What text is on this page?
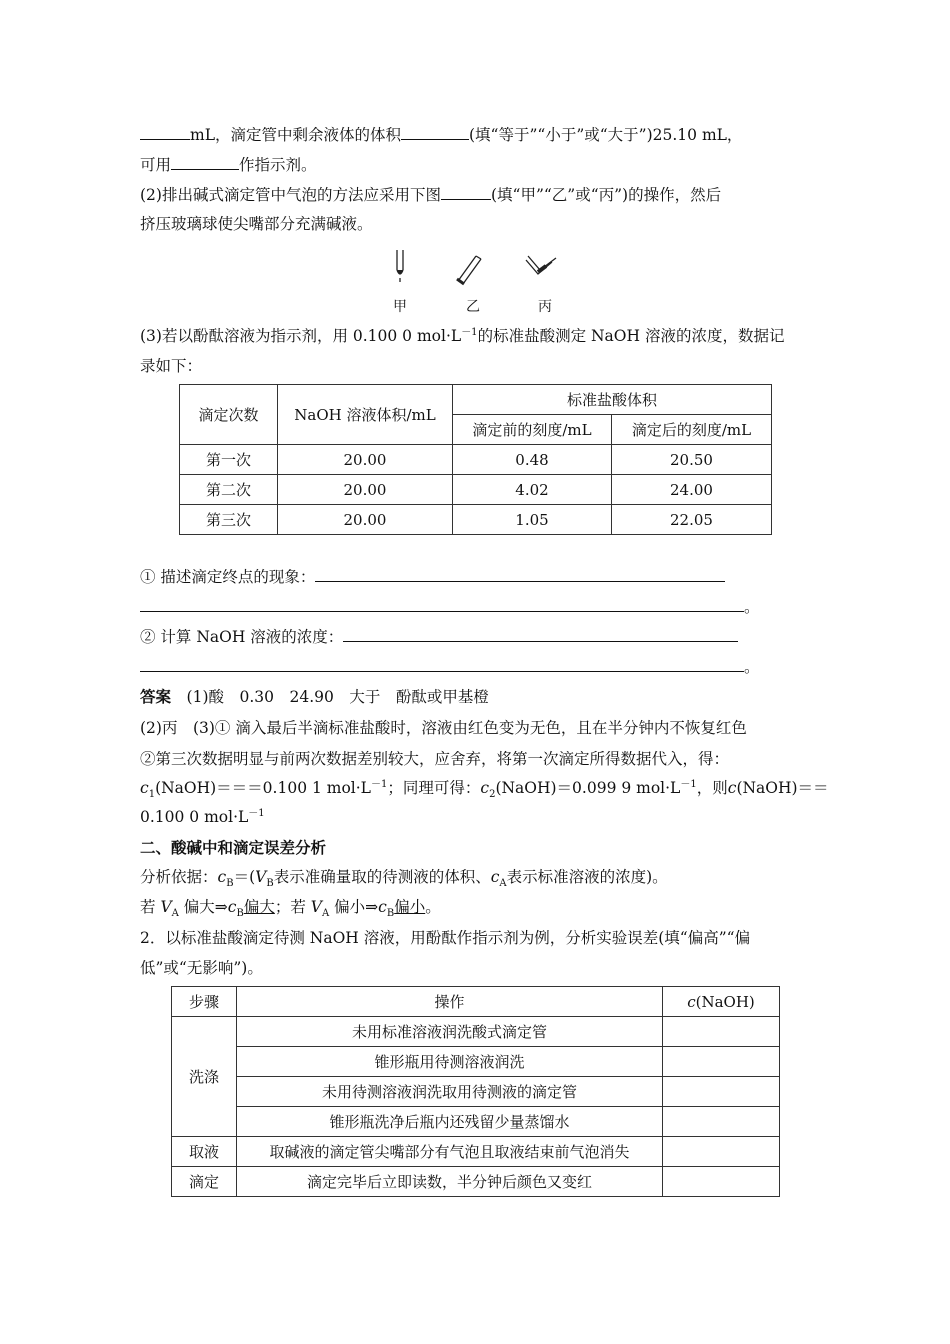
mL，滴定管中剩余液体的体积	(填“等于”“小于”或“大于”)25.10 mL，
可用	作指示剂。
(2)排出碱式滴定管中气泡的方法应采用下图	(填“甲”“乙”或“丙”)的操作，然后
挤压玻璃球使尖嘴部分充满碱液。
甲	乙	丙
(3)若以酚酞溶液为指示剂，用 0.100 0 $mol\cdot L^{-1}$的标准盐酸测定 NaOH 溶液的浓度，数据记
录如下：
滴定次数	NaOH 溶液体积/mL	标准盐酸体积	
		滴定前的刻度/mL	滴定后的刻度/mL
第一次	20.00	0.48	20.50
第二次	20.00	4.02	24.00
第三次	20.00	1.05	22.05
① 描述滴定终点的现象：
。
② 计算 NaOH 溶液的浓度：
。
答案　 (1)酸　0.30　24.90　大于　酚酞或甲基橙
(2)丙　(3)① 滴入最后半滴标准盐酸时，溶液由红色变为无色，且在半分钟内不恢复红色
②第三次数据明显与前两次数据差别较大，应舍弃，将第一次滴定所得数据代入，得：
$c_1(NaOH)===0.100$ 1 $mol\cdot L^{-1}$；同理可得：$c_2(NaOH)=0.099$ 9 $mol\cdot L^{-1}$，则c(NaOH)＝＝
0.100 0 $mol\cdot L^{-1}$
二、酸碱中和滴定误差分析
分析依据：$c_B=(V_B$表示准确量取的待测液的体积、$c_A$表示标准溶液的浓度)。
若 $V_A$ 偏大$\Rightarrow c_B$偏大；若 $V_A$ 偏小$\Rightarrow c_B$偏小。
2．以标准盐酸滴定待测 NaOH 溶液，用酚酞作指示剂为例，分析实验误差(填“偏高”“偏
低”或“无影响”)。
步骤	操作	c(NaOH)
洗涤	未用标准溶液润洗酸式滴定管	
	锥形瓶用待测溶液润洗	
	未用待测溶液润洗取用待测液的滴定管	
	锥形瓶洗净后瓶内还残留少量蒸馏水	
取液	取碱液的滴定管尖嘴部分有气泡且取液结束前气泡消失	
滴定	滴定完毕后立即读数，半分钟后颜色又变红	
